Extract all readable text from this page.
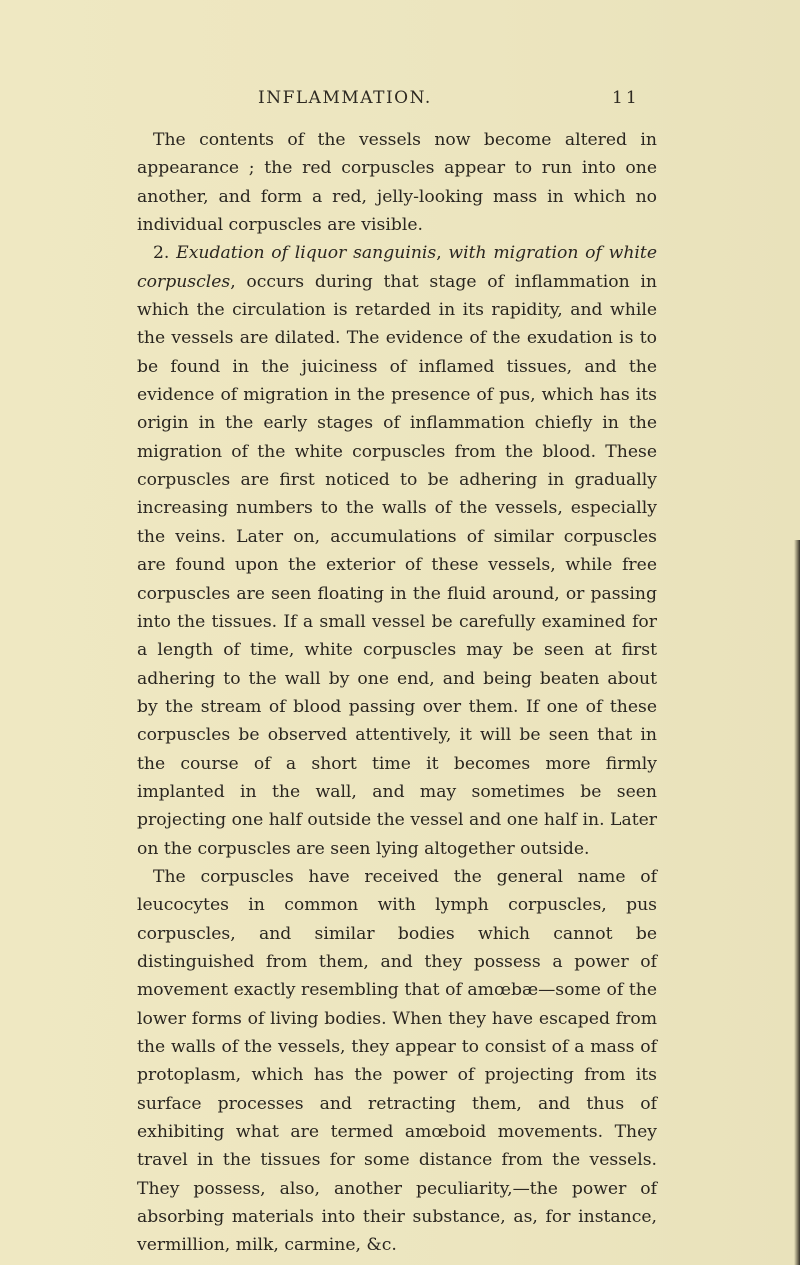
INFLAMMATION.	11

The contents of the vessels now become altered in appearance ; the red corpuscles appear to run into one another, and form a red, jelly-looking mass in which no individual corpuscles are visible.

2. Exudation of liquor sanguinis, with migration of white corpuscles, occurs during that stage of inflammation in which the circulation is retarded in its rapidity, and while the vessels are dilated. The evidence of the exudation is to be found in the juiciness of inflamed tissues, and the evidence of migration in the presence of pus, which has its origin in the early stages of inflammation chiefly in the migration of the white corpuscles from the blood. These corpuscles are first noticed to be adhering in gradually increasing numbers to the walls of the vessels, especially the veins. Later on, accumulations of similar corpuscles are found upon the exterior of these vessels, while free corpuscles are seen floating in the fluid around, or passing into the tissues. If a small vessel be carefully examined for a length of time, white corpuscles may be seen at first adhering to the wall by one end, and being beaten about by the stream of blood passing over them. If one of these corpuscles be observed attentively, it will be seen that in the course of a short time it becomes more firmly implanted in the wall, and may sometimes be seen projecting one half outside the vessel and one half in. Later on the corpuscles are seen lying altogether outside.

The corpuscles have received the general name of leucocytes in common with lymph corpuscles, pus corpuscles, and similar bodies which cannot be distinguished from them, and they possess a power of movement exactly resembling that of amœbæ—some of the lower forms of living bodies. When they have escaped from the walls of the vessels, they appear to consist of a mass of protoplasm, which has the power of projecting from its surface processes and retracting them, and thus of exhibiting what are termed amœboid movements. They travel in the tissues for some distance from the vessels. They possess, also, another peculiarity,—the power of absorbing materials into their substance, as, for instance, vermillion, milk, carmine, &c.
